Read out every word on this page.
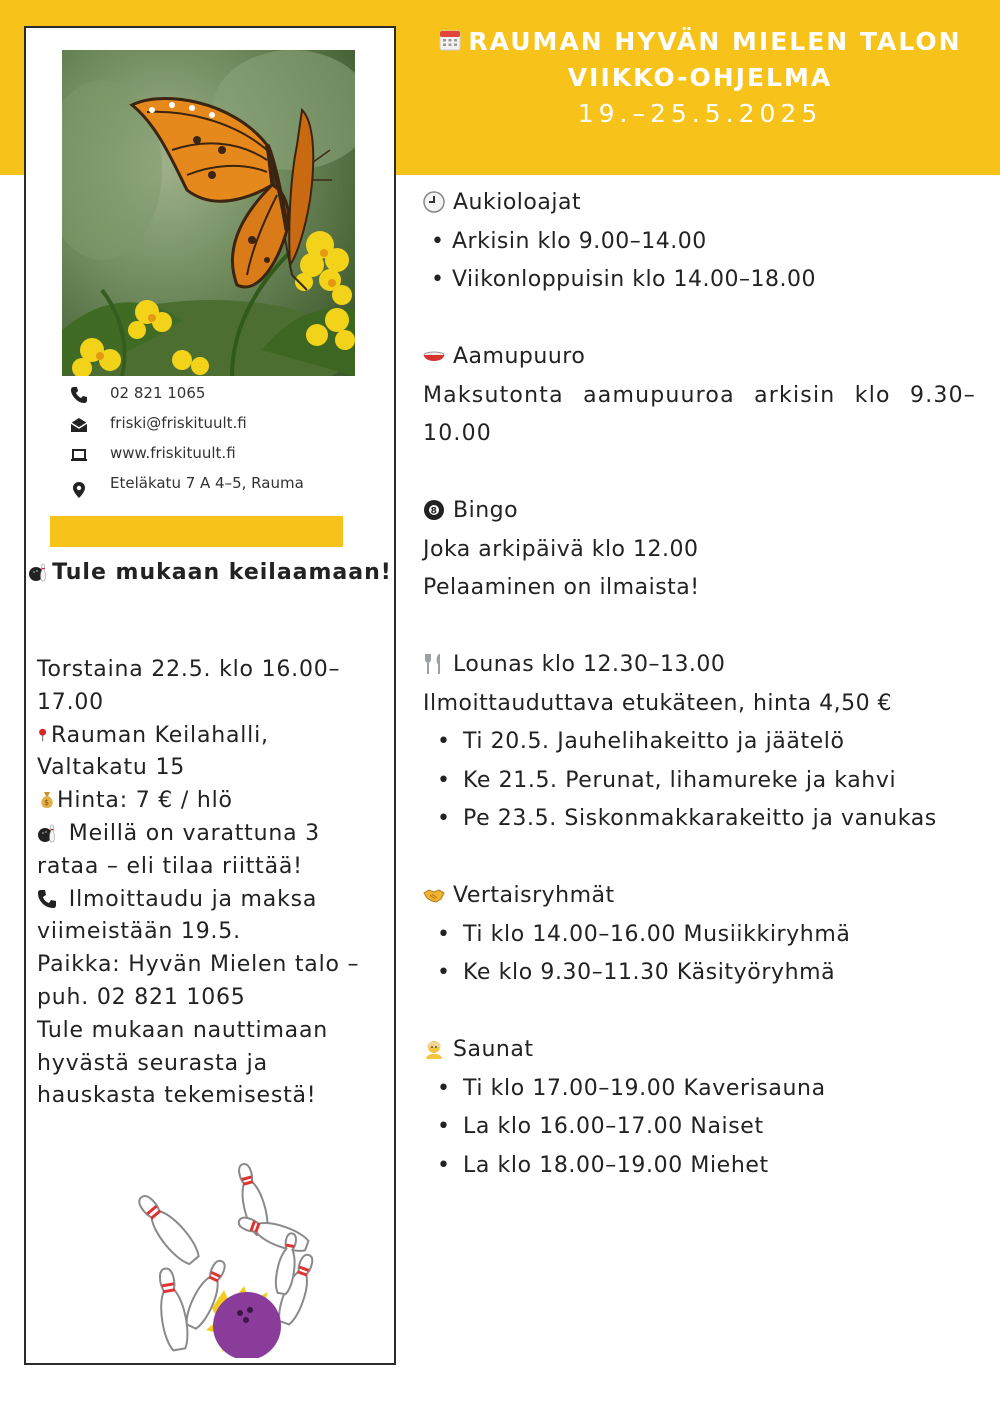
RAUMAN HYVÄN MIELEN TALON
VIIKKO-OHJELMA
19.–25.5.2025
02 821 1065
friski@friskituult.fi
www.friskituult.fi
Eteläkatu 7 A 4–5, Rauma
Tule mukaan keilaamaan!

Torstaina 22.5. klo 16.00–17.00

Rauman Keilahalli, Valtakatu 15

$ Hinta: 7 € / hlö

Meillä on varattuna 3 rataa – eli tilaa riittää!

Ilmoittaudu ja maksa viimeistään 19.5.

Paikka: Hyvän Mielen talo – puh. 02 821 1065

Tule mukaan nauttimaan hyvästä seurasta ja hauskasta tekemisestä!

Aukioloajat
• Arkisin klo 9.00–14.00
• Viikonloppuisin klo 14.00–18.00
Aamupuuro
Maksutonta aamupuuroa arkisin klo 9.30–10.00
8 Bingo
Joka arkipäivä klo 12.00
Pelaaminen on ilmaista!
Lounas klo 12.30–13.00
Ilmoittauduttava etukäteen, hinta 4,50 €
• Ti 20.5. Jauhelihakeitto ja jäätelö
• Ke 21.5. Perunat, lihamureke ja kahvi
• Pe 23.5. Siskonmakkarakeitto ja vanukas
Vertaisryhmät
• Ti klo 14.00–16.00 Musiikkiryhmä
• Ke klo 9.30–11.30 Käsityöryhmä
Saunat
• Ti klo 17.00–19.00 Kaverisauna
• La klo 16.00–17.00 Naiset
• La klo 18.00–19.00 Miehet
